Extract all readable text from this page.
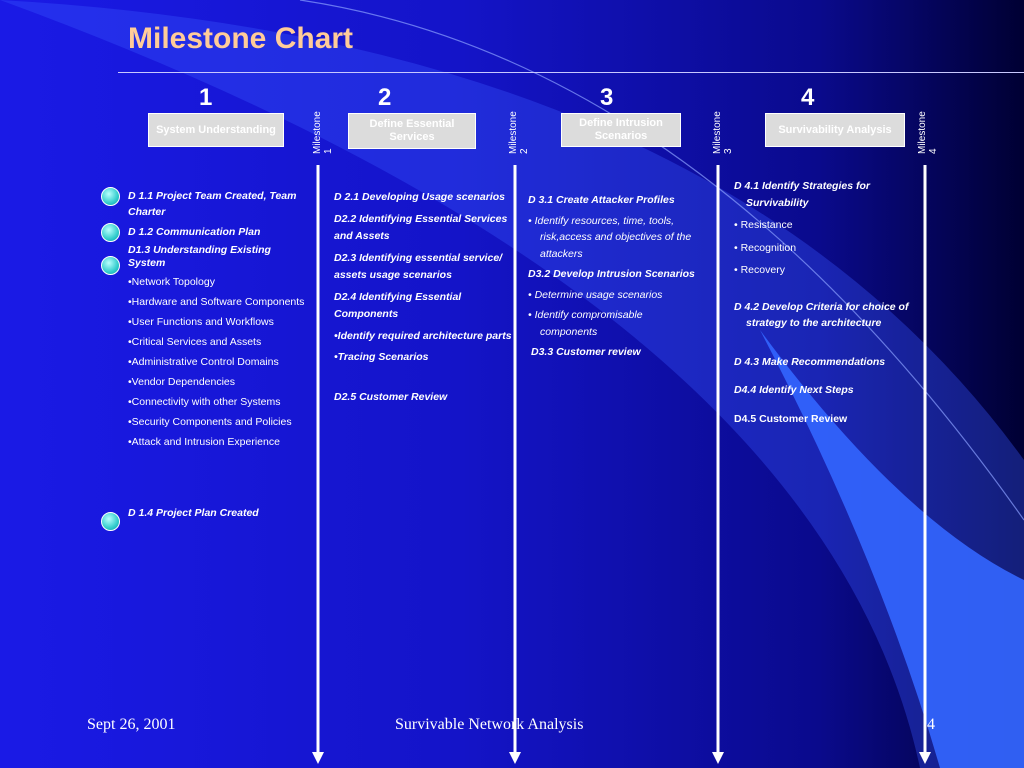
Milestone Chart
1	2	3	4
System Understanding	Define Essential Services
Define Intrusion Scenarios
Survivability Analysis
Milestone
1	Milestone
2	Milestone
3	Milestone
4

D 1.1 Project Team Created, Team Charter

D 1.2 Communication Plan

D1.3 Understanding Existing System

•Network Topology

•Hardware and Software Components

•User Functions and Workflows

•Critical Services and Assets

•Administrative Control Domains

•Vendor Dependencies

•Connectivity with other Systems

•Security Components and Policies

•Attack and Intrusion Experience

D 1.4 Project Plan Created

D 2.1 Developing Usage scenarios

D2.2 Identifying Essential Services and Assets

D2.3 Identifying essential service/ assets usage scenarios

D2.4 Identifying Essential Components

•Identify required architecture parts

•Tracing Scenarios

D2.5 Customer Review

D 3.1 Create Attacker Profiles

• Identify resources, time, tools, risk,access and objectives of the attackers

D3.2 Develop Intrusion Scenarios

• Determine usage scenarios

• Identify compromisable components

D3.3 Customer review

D 4.1 Identify Strategies for Survivability

• Resistance

• Recognition

• Recovery

D 4.2 Develop Criteria for choice of strategy to the architecture

D 4.3 Make Recommendations

D4.4 Identify Next Steps

D4.5 Customer Review

Sept 26, 2001	Survivable Network Analysis	4
